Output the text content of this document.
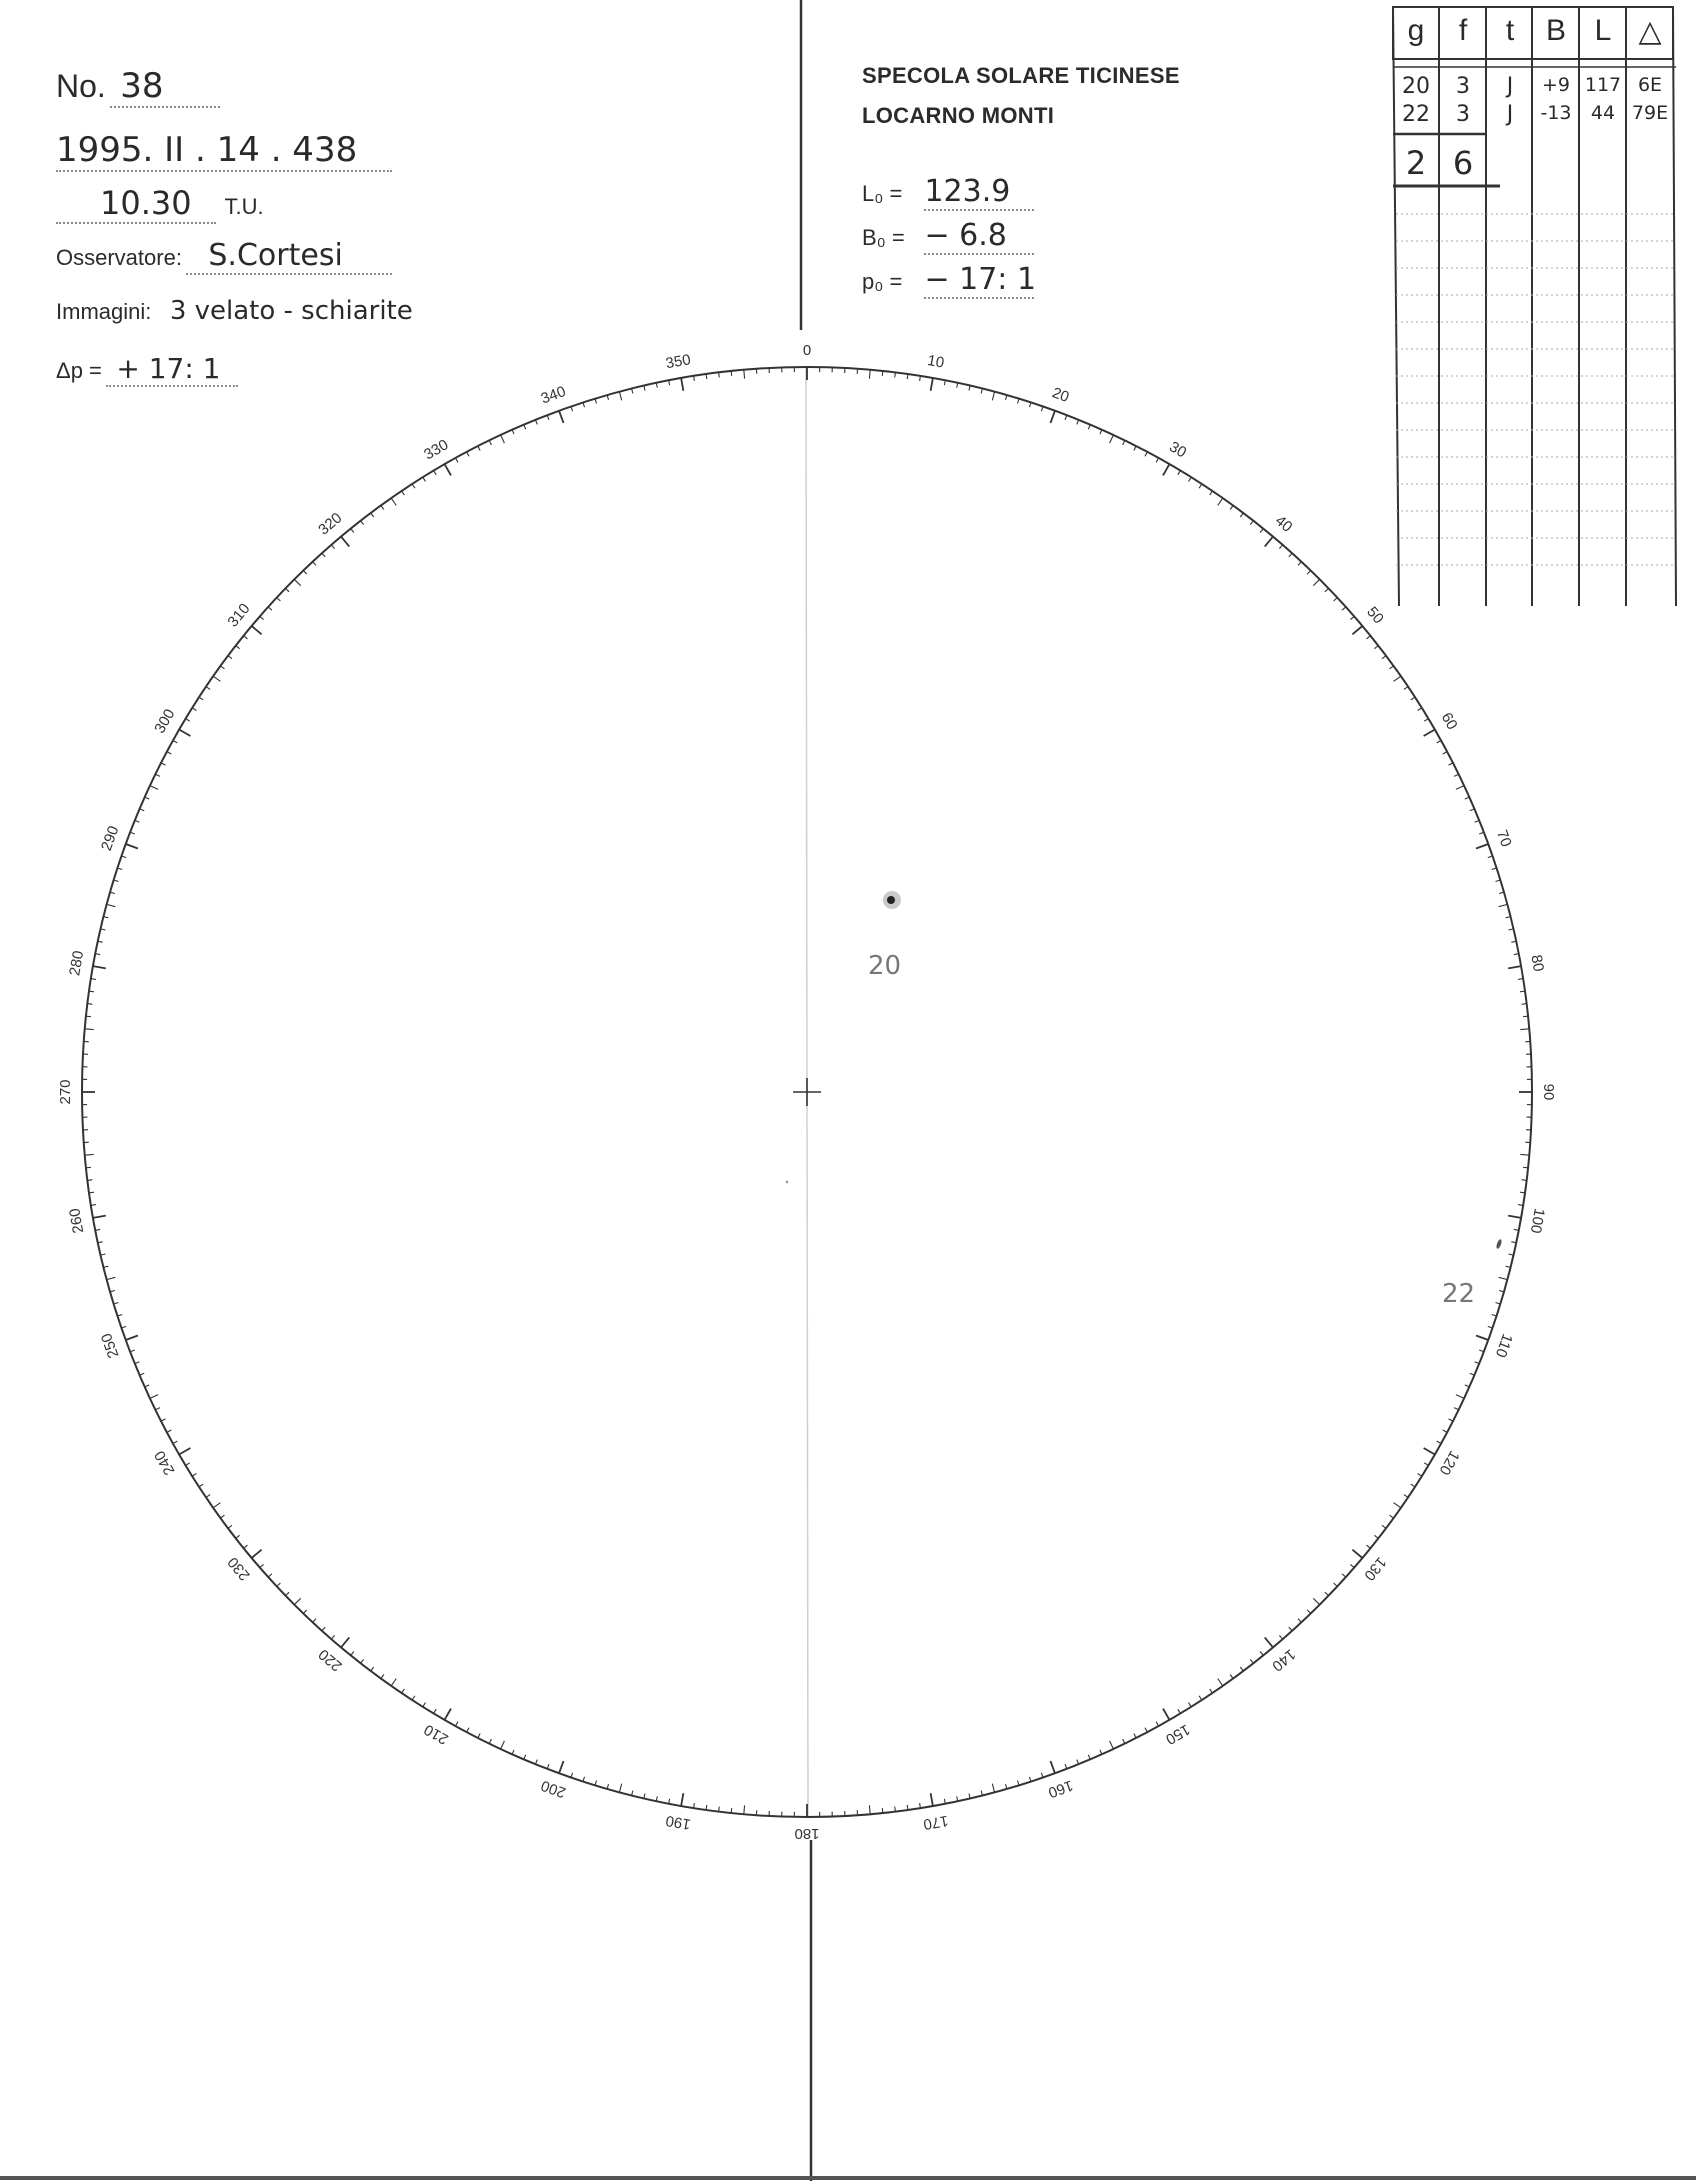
No. 38
1995. II . 14 . 438
10.30 T.U.
Osservatore: S.Cortesi
Immagini: 3 velato - schiarite
Δp = + 17: 1
SPECOLA SOLARE TICINESE
LOCARNO MONTI
L₀ = 123.9
B₀ = − 6.8
p₀ = − 17: 1
0
10
20
30
40
50
60
70
80
90
100
110
120
130
140
150
160
170
180
190
200
210
220
230
240
250
260
270
280
290
300
310
320
330
340
350
20
22
g	f	t	B L △
20	3	J	+9 117 6E
22	3	J	-13	44 79E
2 6
